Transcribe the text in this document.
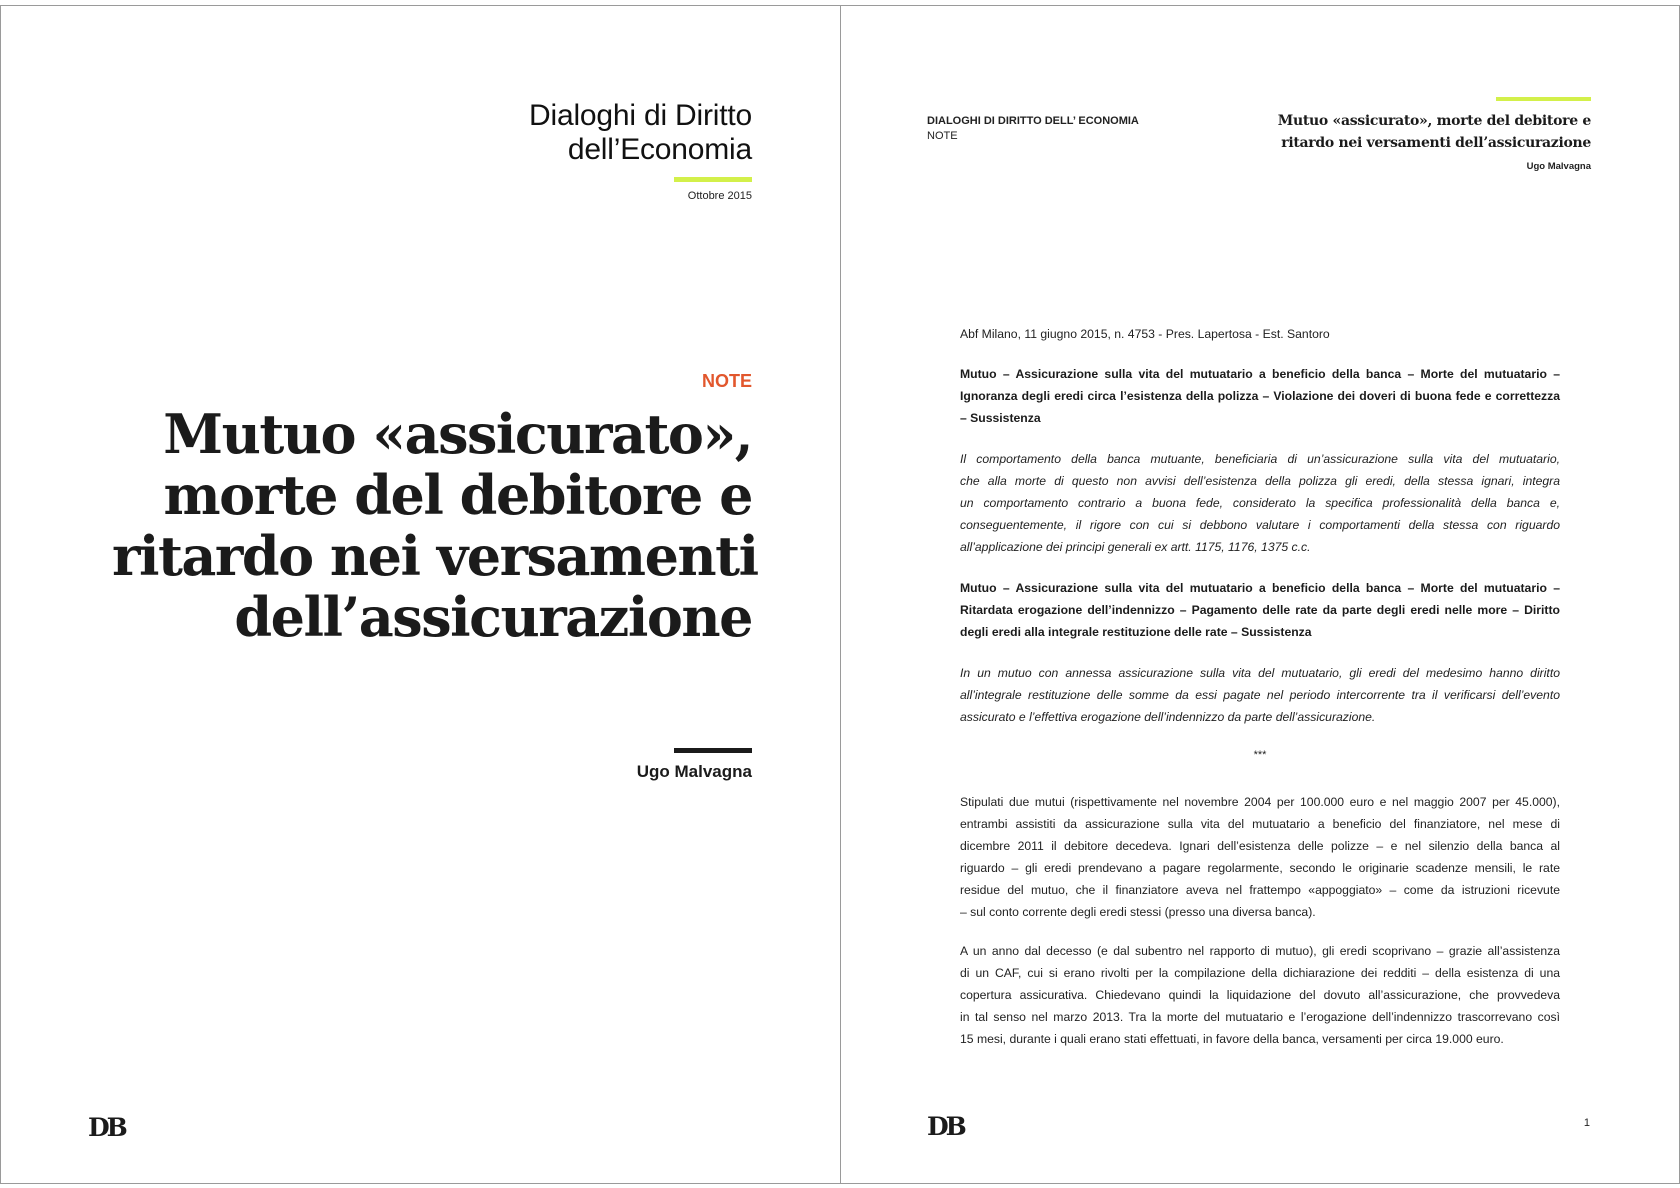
Dialoghi di Diritto
dell’Economia
Ottobre 2015
NOTE
Mutuo «assicurato»,
morte del debitore e
ritardo nei versamenti
dell’assicurazione
Ugo Malvagna
DB
DIALOGHI DI DIRITTO DELL’ ECONOMIA
NOTE
Mutuo «assicurato», morte del debitore e
ritardo nei versamenti dell’assicurazione
Ugo Malvagna
Abf Milano, 11 giugno 2015, n. 4753 - Pres. Lapertosa - Est. Santoro
Mutuo – Assicurazione sulla vita del mutuatario a beneficio della banca – Morte del mutuatario –
Ignoranza degli eredi circa l’esistenza della polizza – Violazione dei doveri di buona fede e correttezza
– Sussistenza
Il comportamento della banca mutuante, beneficiaria di un’assicurazione sulla vita del mutuatario,
che alla morte di questo non avvisi dell’esistenza della polizza gli eredi, della stessa ignari, integra
un comportamento contrario a buona fede, considerato la specifica professionalità della banca e,
conseguentemente, il rigore con cui si debbono valutare i comportamenti della stessa con riguardo
all’applicazione dei principi generali ex artt. 1175, 1176, 1375 c.c.
Mutuo – Assicurazione sulla vita del mutuatario a beneficio della banca – Morte del mutuatario –
Ritardata erogazione dell’indennizzo – Pagamento delle rate da parte degli eredi nelle more – Diritto
degli eredi alla integrale restituzione delle rate – Sussistenza
In un mutuo con annessa assicurazione sulla vita del mutuatario, gli eredi del medesimo hanno diritto
all’integrale restituzione delle somme da essi pagate nel periodo intercorrente tra il verificarsi dell’evento
assicurato e l’effettiva erogazione dell’indennizzo da parte dell’assicurazione.
***
Stipulati due mutui (rispettivamente nel novembre 2004 per 100.000 euro e nel maggio 2007 per 45.000),
entrambi assistiti da assicurazione sulla vita del mutuatario a beneficio del finanziatore, nel mese di
dicembre 2011 il debitore decedeva. Ignari dell’esistenza delle polizze – e nel silenzio della banca al
riguardo – gli eredi prendevano a pagare regolarmente, secondo le originarie scadenze mensili, le rate
residue del mutuo, che il finanziatore aveva nel frattempo «appoggiato» – come da istruzioni ricevute
– sul conto corrente degli eredi stessi (presso una diversa banca).
A un anno dal decesso (e dal subentro nel rapporto di mutuo), gli eredi scoprivano – grazie all’assistenza
di un CAF, cui si erano rivolti per la compilazione della dichiarazione dei redditi – della esistenza di una
copertura assicurativa. Chiedevano quindi la liquidazione del dovuto all’assicurazione, che provvedeva
in tal senso nel marzo 2013. Tra la morte del mutuatario e l’erogazione dell’indennizzo trascorrevano così
15 mesi, durante i quali erano stati effettuati, in favore della banca, versamenti per circa 19.000 euro.
DB	1
